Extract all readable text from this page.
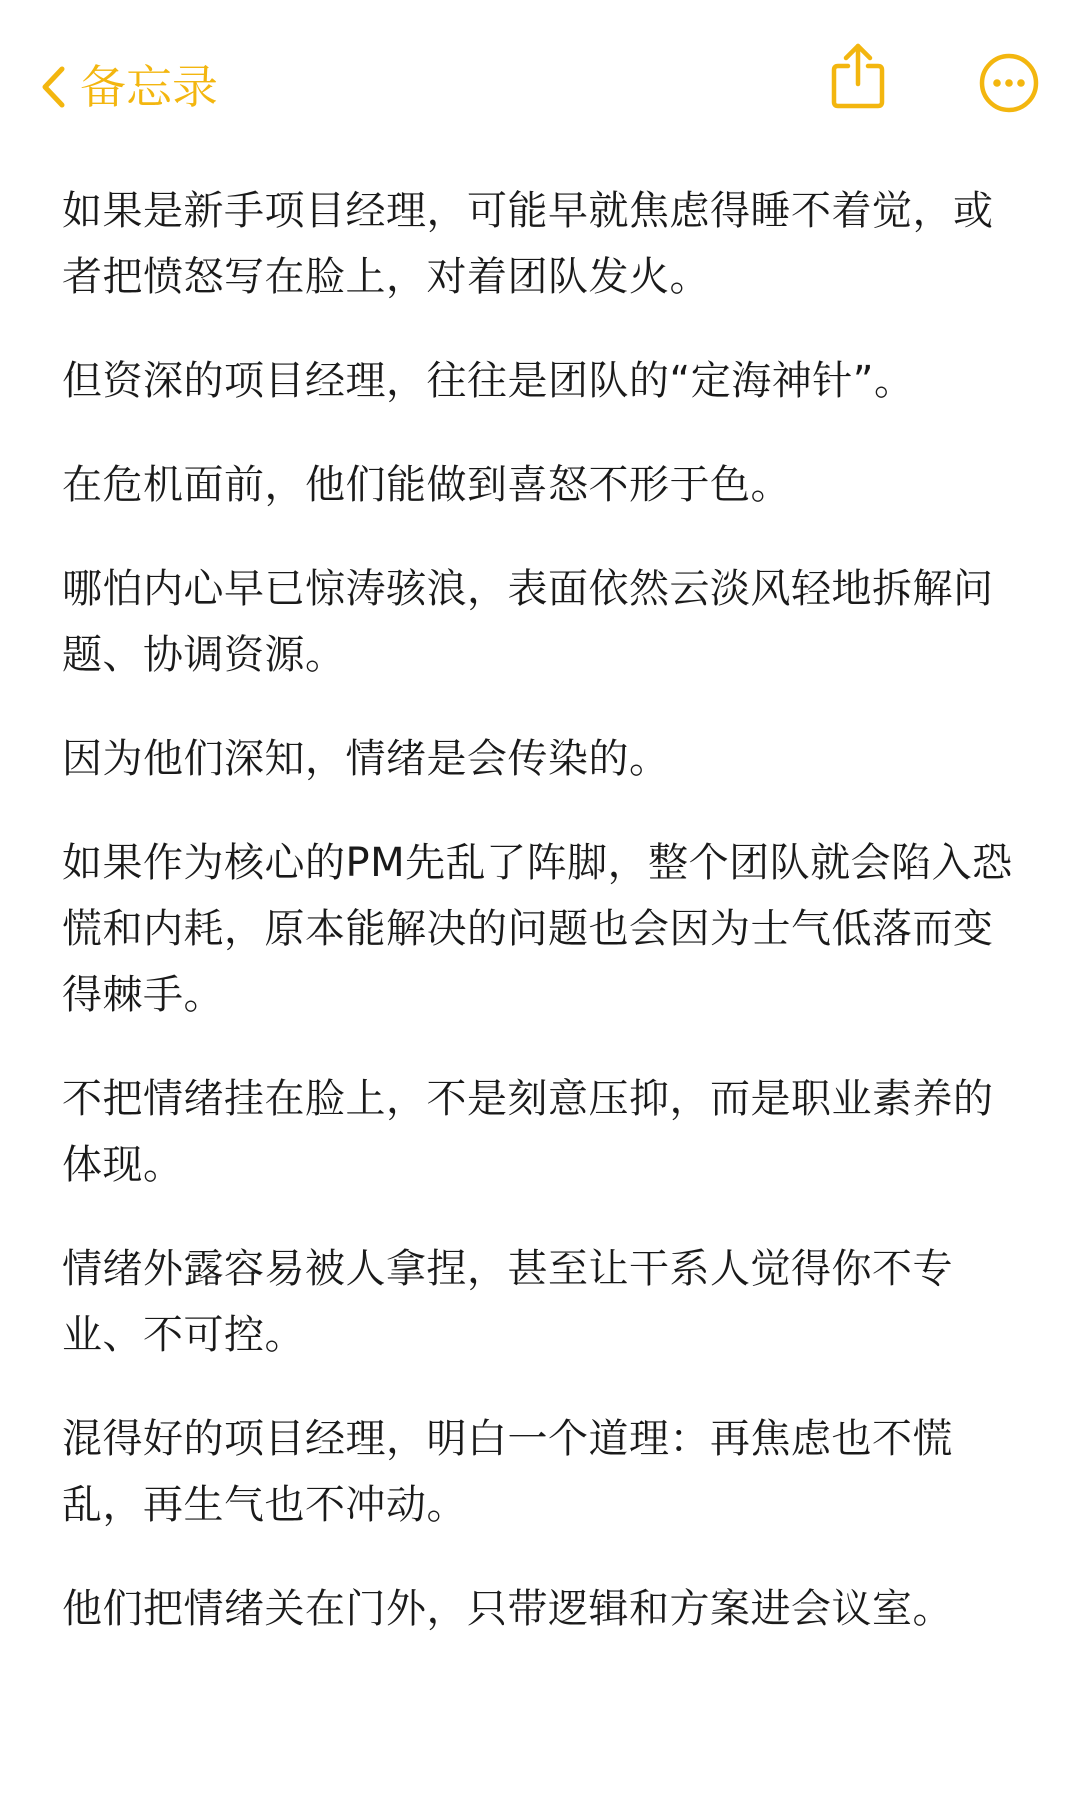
备忘录

如果是新手项目经理，可能早就焦虑得睡不着觉，或者把愤怒写在脸上，对着团队发火。

但资深的项目经理，往往是团队的“定海神针”。

在危机面前，他们能做到喜怒不形于色。

哪怕内心早已惊涛骇浪，表面依然云淡风轻地拆解问题、协调资源。

因为他们深知，情绪是会传染的。

如果作为核心的PM先乱了阵脚，整个团队就会陷入恐慌和内耗，原本能解决的问题也会因为士气低落而变得棘手。

不把情绪挂在脸上，不是刻意压抑，而是职业素养的体现。

情绪外露容易被人拿捏，甚至让干系人觉得你不专业、不可控。

混得好的项目经理，明白一个道理：再焦虑也不慌乱，再生气也不冲动。

他们把情绪关在门外，只带逻辑和方案进会议室。
